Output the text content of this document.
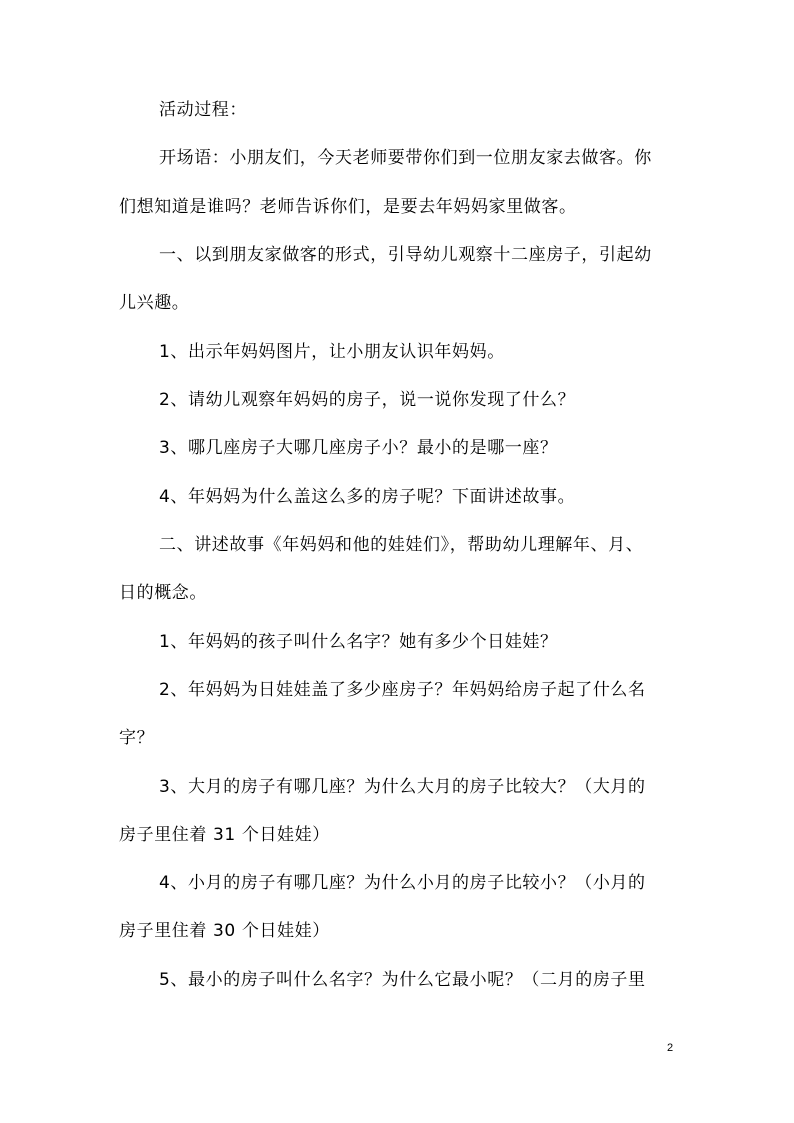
活动过程：
开场语：小朋友们，今天老师要带你们到一位朋友家去做客。你
们想知道是谁吗？老师告诉你们，是要去年妈妈家里做客。
一、以到朋友家做客的形式，引导幼儿观察十二座房子，引起幼
儿兴趣。
1、出示年妈妈图片，让小朋友认识年妈妈。
2、请幼儿观察年妈妈的房子，说一说你发现了什么？
3、哪几座房子大哪几座房子小？最小的是哪一座？
4、年妈妈为什么盖这么多的房子呢？下面讲述故事。
二、讲述故事《年妈妈和他的娃娃们》，帮助幼儿理解年、月、
日的概念。
1、年妈妈的孩子叫什么名字？她有多少个日娃娃？
2、年妈妈为日娃娃盖了多少座房子？年妈妈给房子起了什么名
字？
3、大月的房子有哪几座？为什么大月的房子比较大？（大月的
房子里住着 31 个日娃娃）
4、小月的房子有哪几座？为什么小月的房子比较小？（小月的
房子里住着 30 个日娃娃）
5、最小的房子叫什么名字？为什么它最小呢？（二月的房子里
2
